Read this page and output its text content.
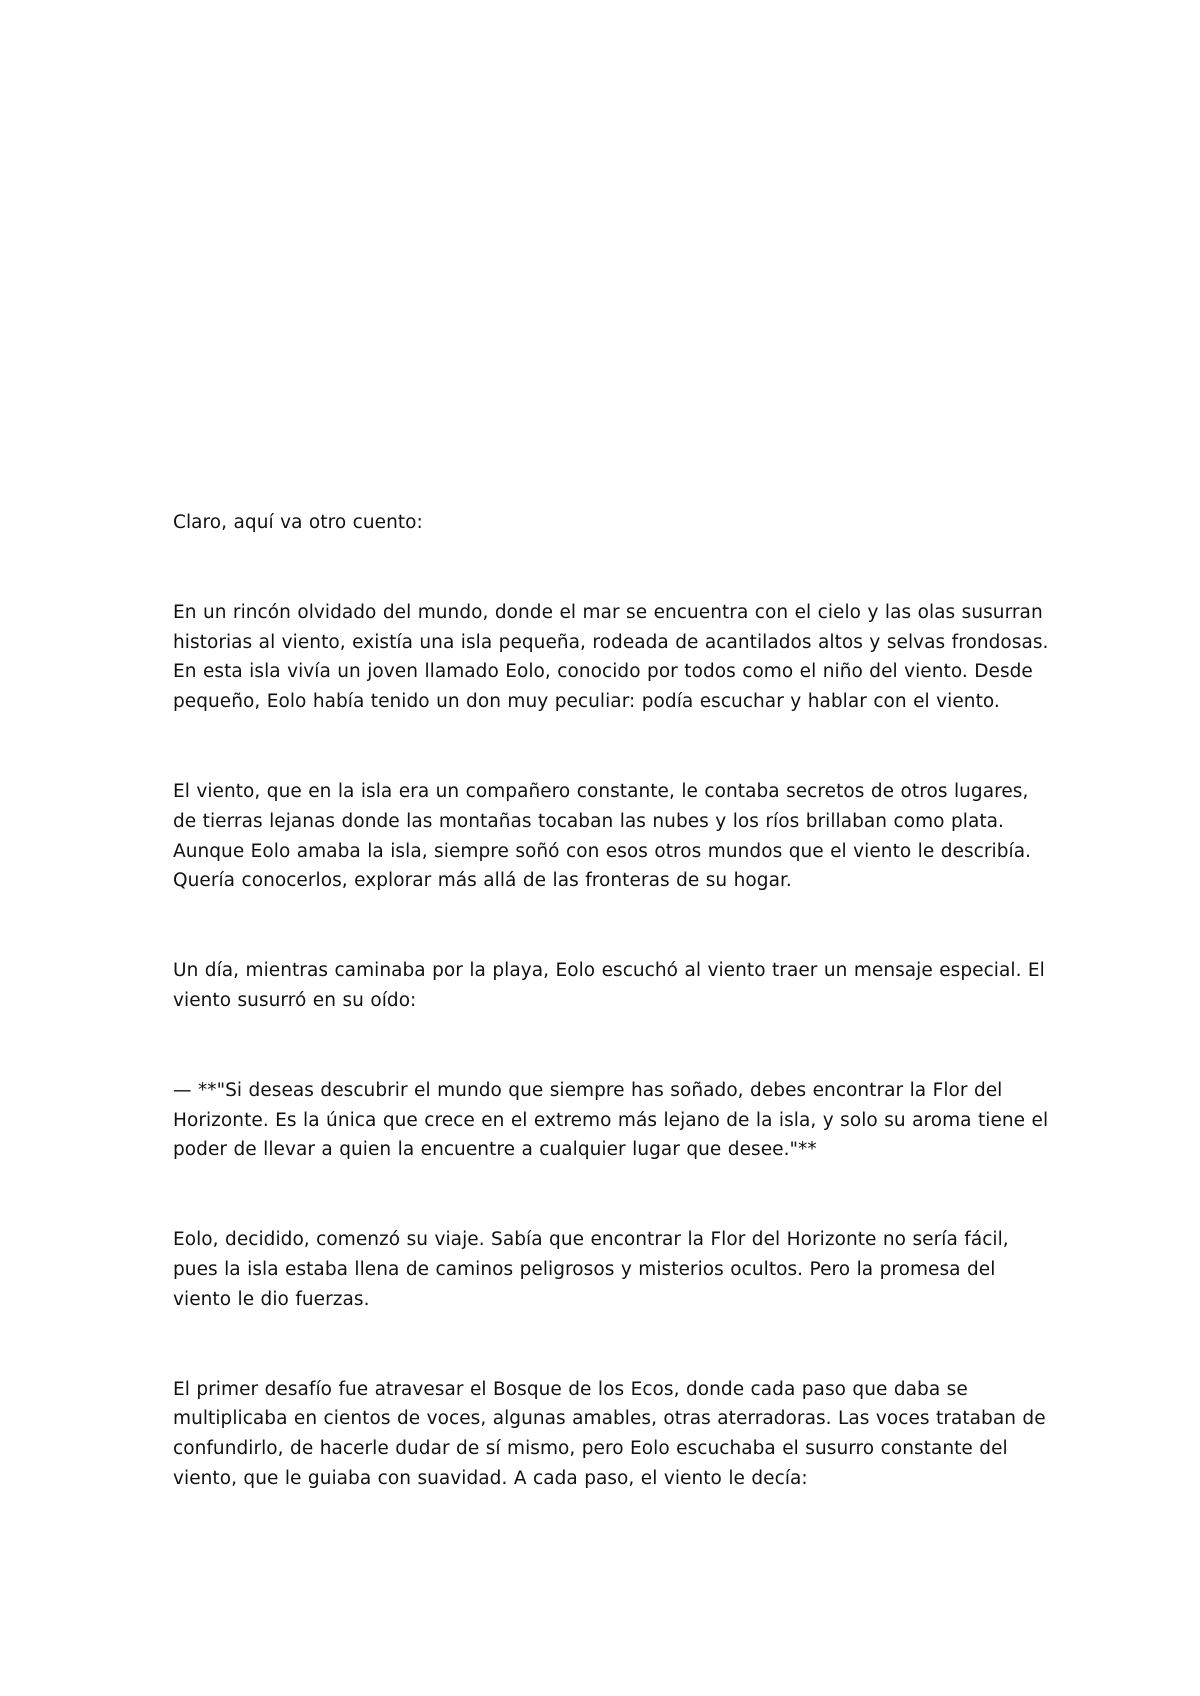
Claro, aquí va otro cuento:

En un rincón olvidado del mundo, donde el mar se encuentra con el cielo y las olas susurran historias al viento, existía una isla pequeña, rodeada de acantilados altos y selvas frondosas. En esta isla vivía un joven llamado Eolo, conocido por todos como el niño del viento. Desde pequeño, Eolo había tenido un don muy peculiar: podía escuchar y hablar con el viento.

El viento, que en la isla era un compañero constante, le contaba secretos de otros lugares, de tierras lejanas donde las montañas tocaban las nubes y los ríos brillaban como plata. Aunque Eolo amaba la isla, siempre soñó con esos otros mundos que el viento le describía. Quería conocerlos, explorar más allá de las fronteras de su hogar.

Un día, mientras caminaba por la playa, Eolo escuchó al viento traer un mensaje especial. El viento susurró en su oído:

— **"Si deseas descubrir el mundo que siempre has soñado, debes encontrar la Flor del Horizonte. Es la única que crece en el extremo más lejano de la isla, y solo su aroma tiene el poder de llevar a quien la encuentre a cualquier lugar que desee."**

Eolo, decidido, comenzó su viaje. Sabía que encontrar la Flor del Horizonte no sería fácil, pues la isla estaba llena de caminos peligrosos y misterios ocultos. Pero la promesa del viento le dio fuerzas.

El primer desafío fue atravesar el Bosque de los Ecos, donde cada paso que daba se multiplicaba en cientos de voces, algunas amables, otras aterradoras. Las voces trataban de confundirlo, de hacerle dudar de sí mismo, pero Eolo escuchaba el susurro constante del viento, que le guiaba con suavidad. A cada paso, el viento le decía:
